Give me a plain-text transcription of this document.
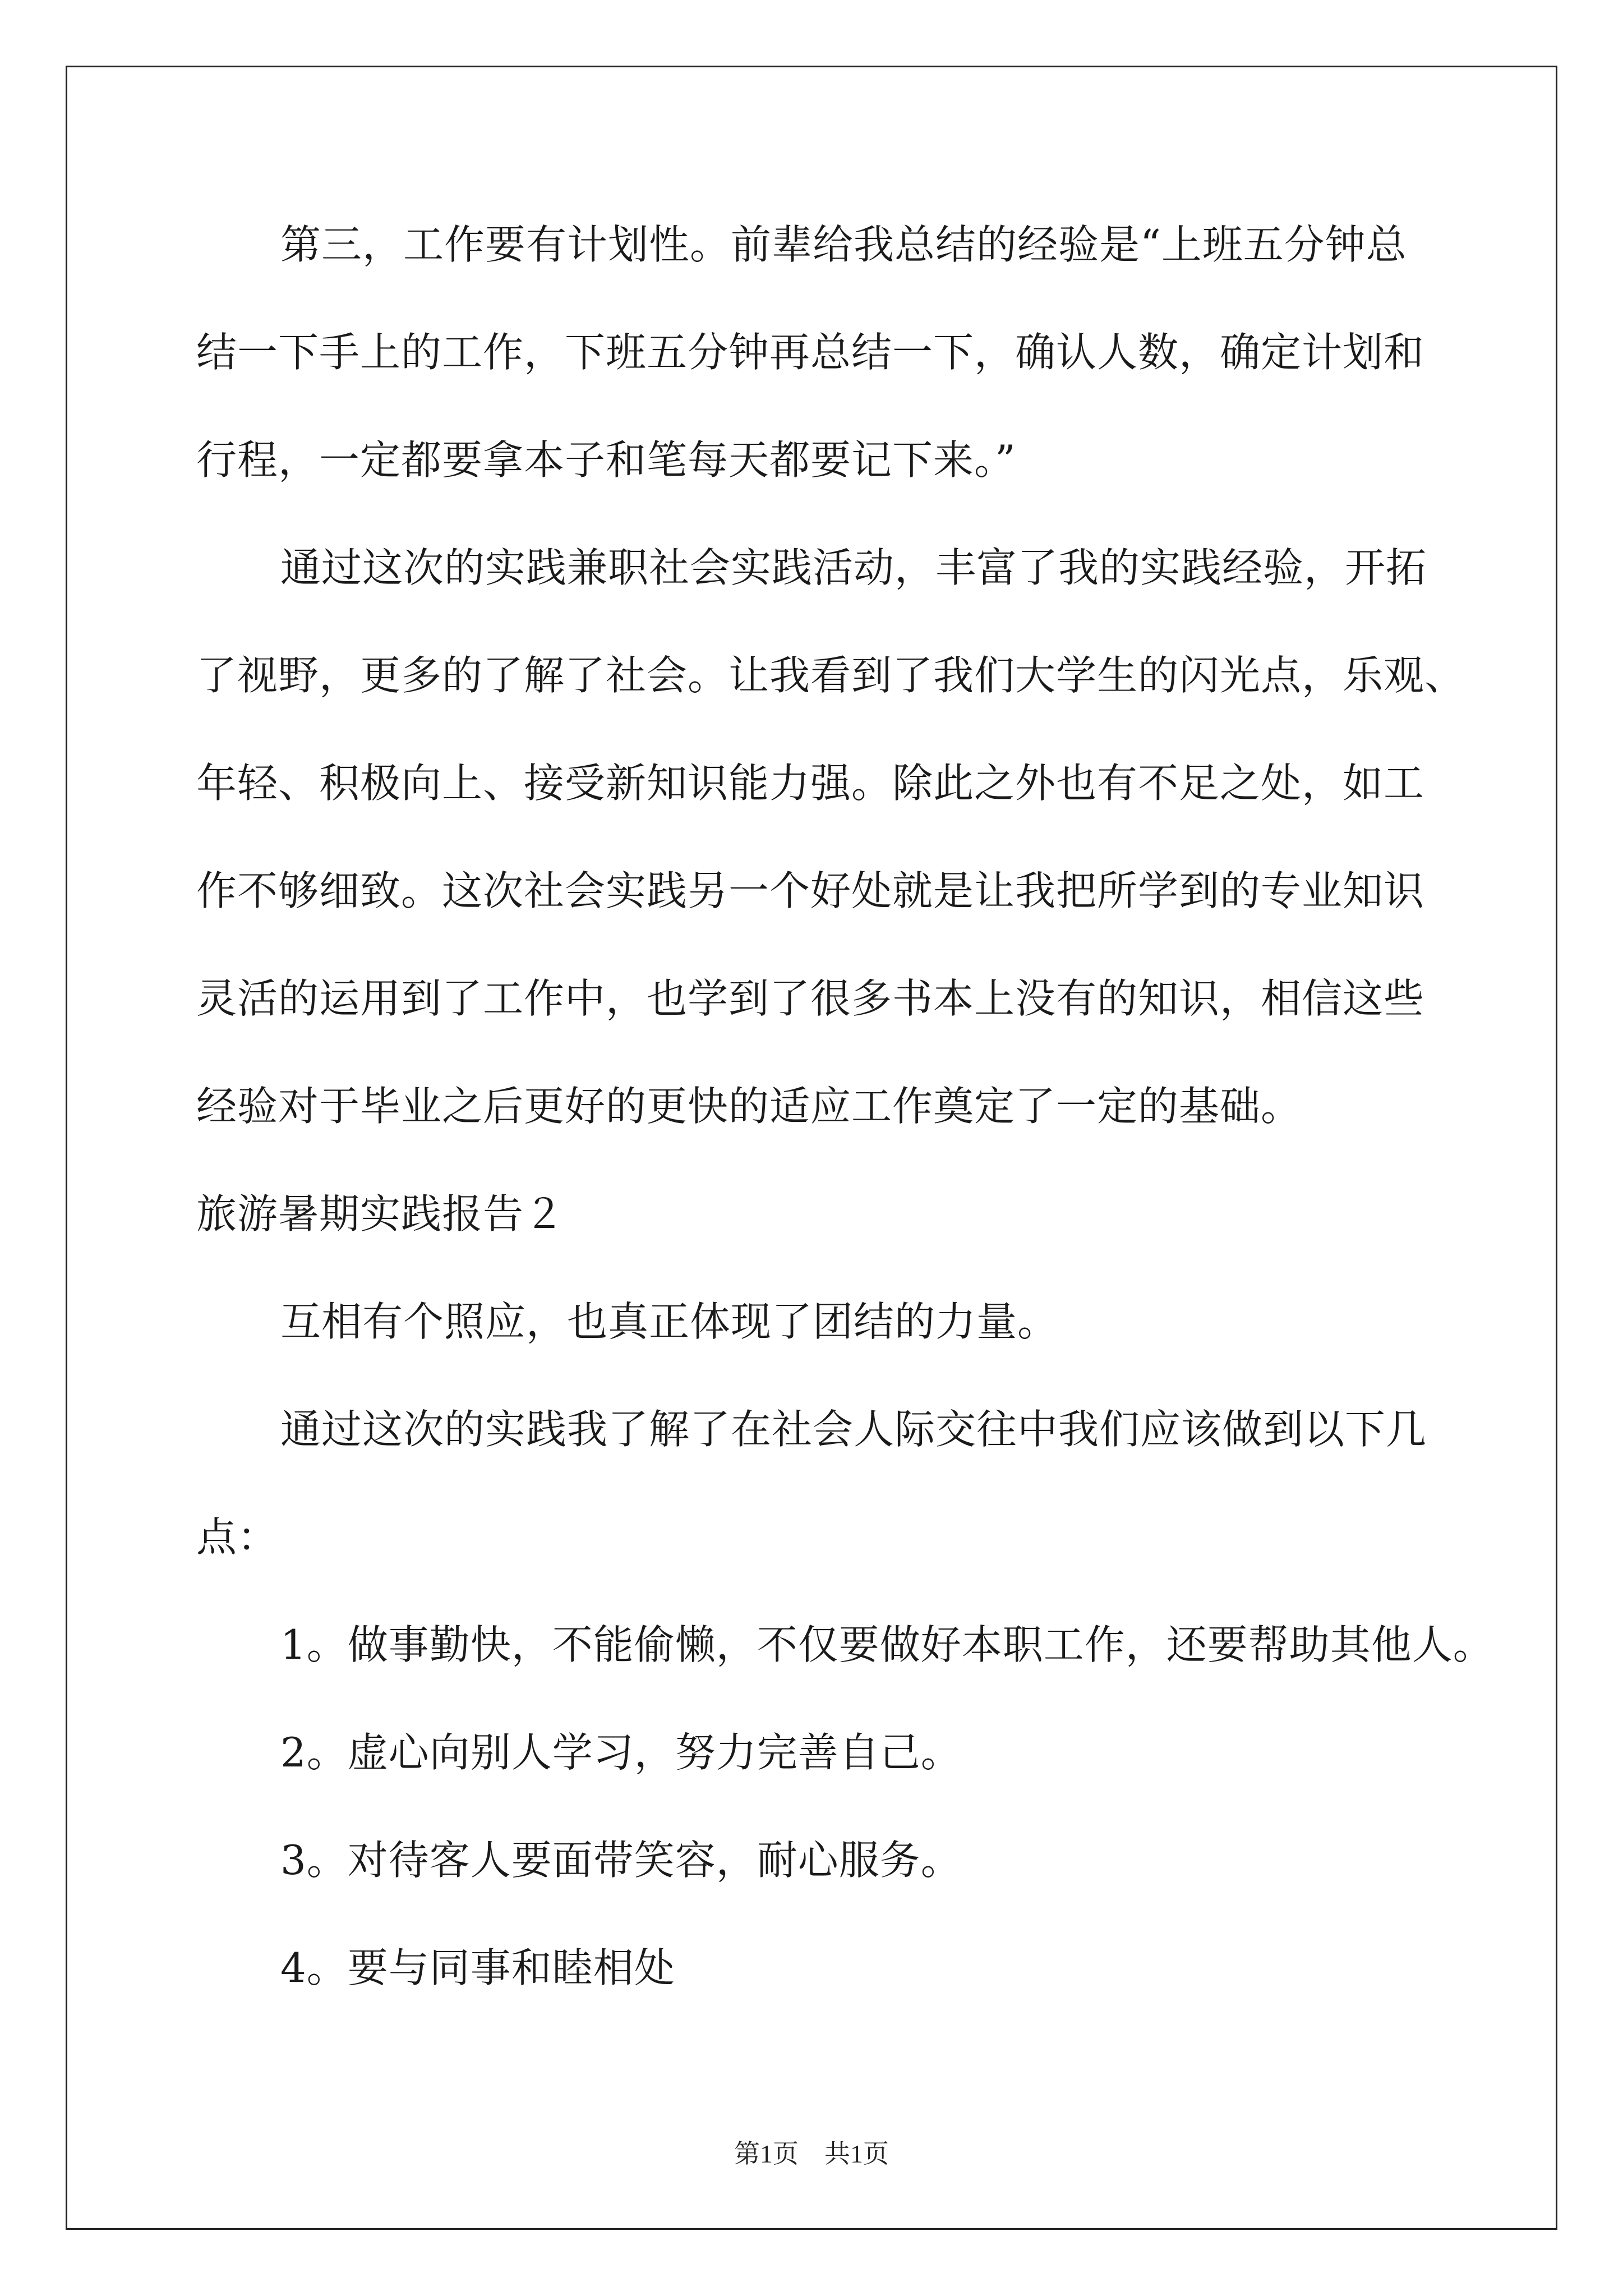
第三，工作要有计划性。前辈给我总结的经验是“上班五分钟总
结一下手上的工作，下班五分钟再总结一下，确认人数，确定计划和
行程，一定都要拿本子和笔每天都要记下来。”
通过这次的实践兼职社会实践活动，丰富了我的实践经验，开拓
了视野，更多的了解了社会。让我看到了我们大学生的闪光点，乐观、
年轻、积极向上、接受新知识能力强。除此之外也有不足之处，如工
作不够细致。这次社会实践另一个好处就是让我把所学到的专业知识
灵活的运用到了工作中，也学到了很多书本上没有的知识，相信这些
经验对于毕业之后更好的更快的适应工作奠定了一定的基础。
旅游暑期实践报告２
互相有个照应，也真正体现了团结的力量。
通过这次的实践我了解了在社会人际交往中我们应该做到以下几
点：
1。做事勤快，不能偷懒，不仅要做好本职工作，还要帮助其他人。
2。虚心向别人学习，努力完善自己。
3。对待客人要面带笑容，耐心服务。
4。要与同事和睦相处
第1页　共1页
